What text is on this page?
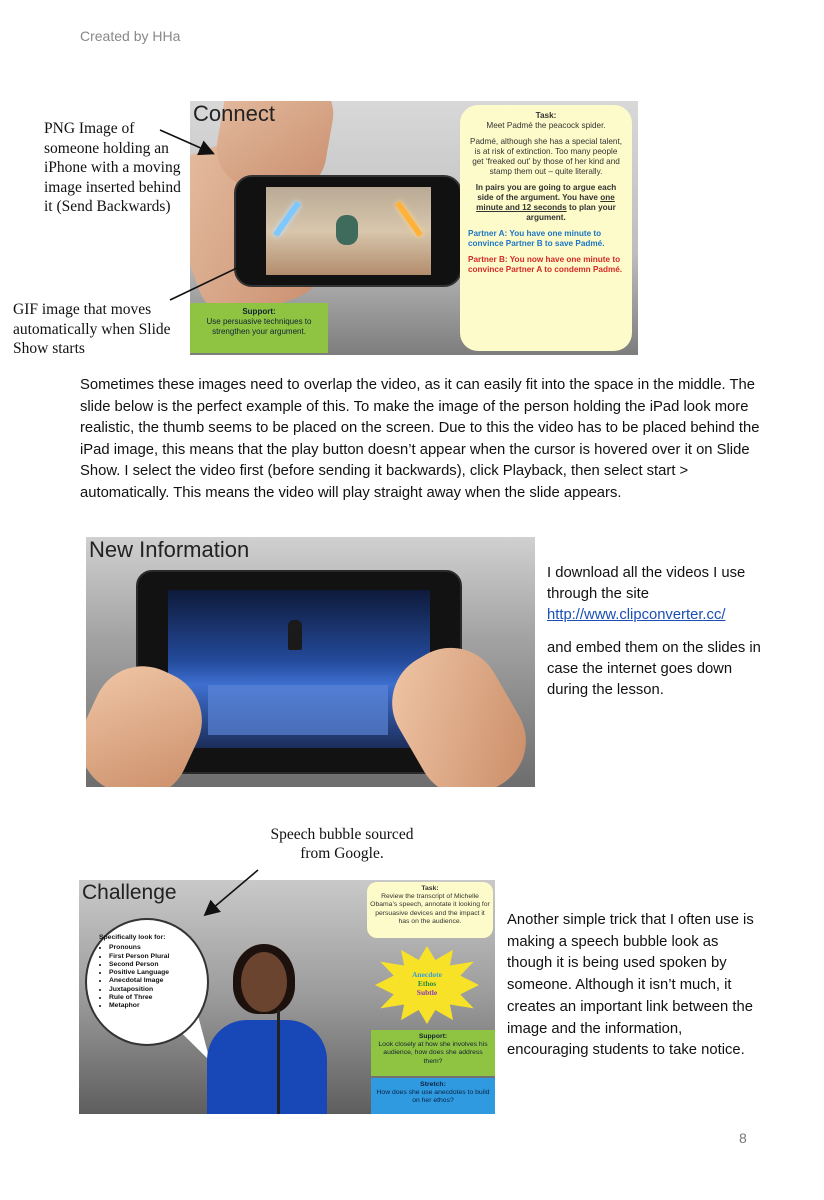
Created by HHa
PNG Image of someone holding an iPhone with a moving image inserted behind it (Send Backwards)
GIF image that moves automatically when Slide Show starts
Speech bubble sourced from Google.
Connect	Task:

Meet Padmé the peacock spider.

Padmé, although she has a special talent, is at risk of extinction. Too many people get ‘freaked out’ by those of her kind and stamp them out – quite literally.

In pairs you are going to argue each side of the argument. You have one minute and 12 seconds to plan your argument.

Partner A: You have one minute to convince Partner B to save Padmé.

Partner B: You now have one minute to convince Partner A to condemn Padmé.

Support:
Use persuasive techniques to strengthen your argument.
Sometimes these images need to overlap the video, as it can easily fit into the space in the middle. The slide below is the perfect example of this. To make the image of the person holding the iPad look more realistic, the thumb seems to be placed on the screen. Due to this the video has to be placed behind the iPad image, this means that the play button doesn’t appear when the cursor is hovered over it on Slide Show. I select the video first (before sending it backwards), click Playback, then select start > automatically. This means the video will play straight away when the slide appears.
New Information

I download all the videos I use through the site
http://www.clipconverter.cc/

and embed them on the slides in case the internet goes down during the lesson.

Challenge
Specifically look for:
• Pronouns
• First Person Plural
• Second Person
• Positive Language
• Anecdotal Image
• Juxtaposition
• Rule of Three
• Metaphor
Task:
Review the transcript of Michelle Obama’s speech, annotate it looking for persuasive devices and the impact it has on the audience.
Anecdote
Ethos
Subtle
Support:
Look closely at how she involves his audience, how does she address them?
Stretch:
How does she use anecdotes to build on her ethos?
Another simple trick that I often use is making a speech bubble look as though it is being used spoken by someone. Although it isn’t much, it creates an important link between the image and the information, encouraging students to take notice.
8
